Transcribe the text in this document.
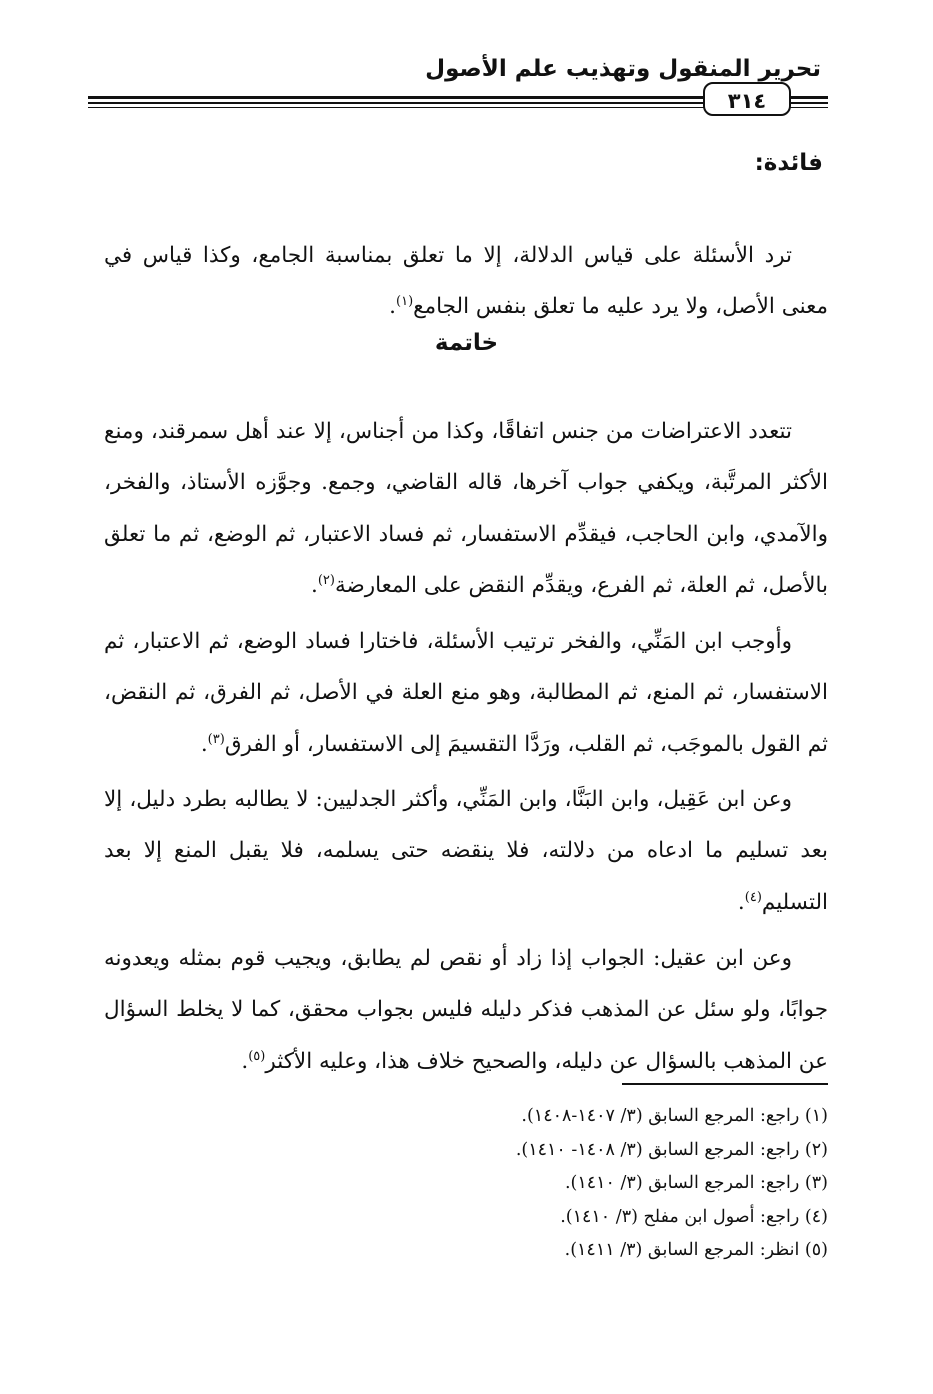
تحرير المنقول وتهذيب علم الأصول
٣١٤
فائدة:

ترد الأسئلة على قياس الدلالة، إلا ما تعلق بمناسبة الجامع، وكذا قياس في معنى الأصل، ولا يرد عليه ما تعلق بنفس الجامع$^{(١)}$.

خاتمة

تتعدد الاعتراضات من جنس اتفاقًا، وكذا من أجناس، إلا عند أهل سمرقند، ومنع الأكثر المرتَّبة، ويكفي جواب آخرها، قاله القاضي، وجمع. وجوَّزه الأستاذ، والفخر، والآمدي، وابن الحاجب، فيقدِّم الاستفسار، ثم فساد الاعتبار، ثم الوضع، ثم ما تعلق بالأصل، ثم العلة، ثم الفرع، ويقدِّم النقض على المعارضة$^{(٢)}$.

وأوجب ابن المَنِّي، والفخر ترتيب الأسئلة، فاختارا فساد الوضع، ثم الاعتبار، ثم الاستفسار، ثم المنع، ثم المطالبة، وهو منع العلة في الأصل، ثم الفرق، ثم النقض، ثم القول بالموجَب، ثم القلب، ورَدَّا التقسيمَ إلى الاستفسار، أو الفرق$^{(٣)}$.

وعن ابن عَقِيل، وابن البَنَّا، وابن المَنِّي، وأكثر الجدليين: لا يطالبه بطرد دليل، إلا بعد تسليم ما ادعاه من دلالته، فلا ينقضه حتى يسلمه، فلا يقبل المنع إلا بعد التسليم$^{(٤)}$.

وعن ابن عقيل: الجواب إذا زاد أو نقص لم يطابق، ويجيب قوم بمثله ويعدونه جوابًا، ولو سئل عن المذهب فذكر دليله فليس بجواب محقق، كما لا يخلط السؤال عن المذهب بالسؤال عن دليله، والصحيح خلاف هذا، وعليه الأكثر$^{(٥)}$.

(١) راجع: المرجع السابق (٣/ ١٤٠٧-١٤٠٨).
(٢) راجع: المرجع السابق (٣/ ١٤٠٨- ١٤١٠).
(٣) راجع: المرجع السابق (٣/ ١٤١٠).
(٤) راجع: أصول ابن مفلح (٣/ ١٤١٠).
(٥) انظر: المرجع السابق (٣/ ١٤١١).
